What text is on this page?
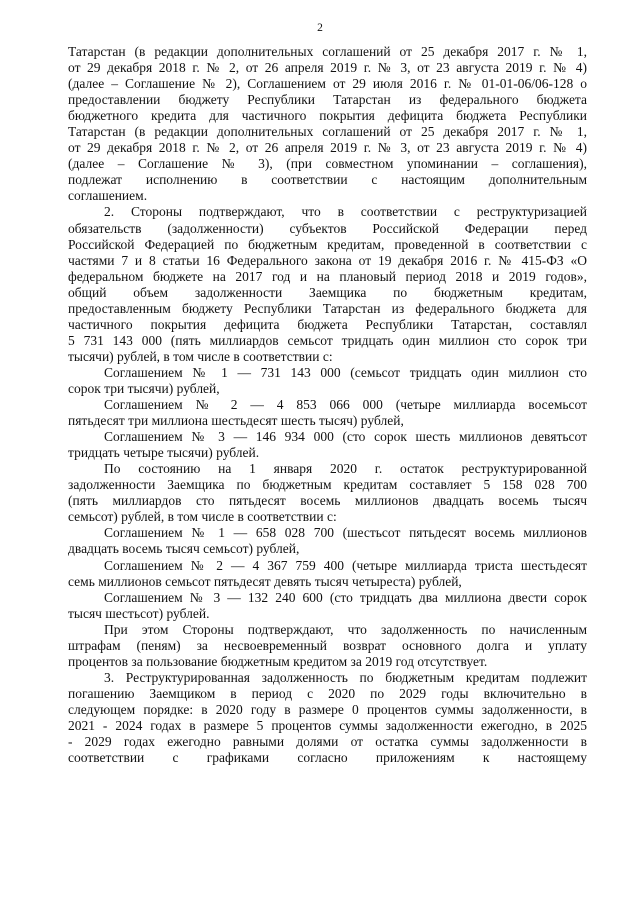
2
Татарстан (в редакции дополнительных соглашений от 25 декабря 2017 г. № 1,
от 29 декабря 2018 г. № 2, от 26 апреля 2019 г. № 3, от 23 августа 2019 г. № 4)
(далее – Соглашение № 2), Соглашением от 29 июля 2016 г. № 01-01-06/06-128 о
предоставлении бюджету Республики Татарстан из федерального бюджета
бюджетного кредита для частичного покрытия дефицита бюджета Республики
Татарстан (в редакции дополнительных соглашений от 25 декабря 2017 г. № 1,
от 29 декабря 2018 г. № 2, от 26 апреля 2019 г. № 3, от 23 августа 2019 г. № 4)
(далее – Соглашение № 3), (при совместном упоминании – соглашения),
подлежат исполнению в соответствии с настоящим дополнительным
соглашением.
2. Стороны подтверждают, что в соответствии с реструктуризацией
обязательств (задолженности) субъектов Российской Федерации перед
Российской Федерацией по бюджетным кредитам, проведенной в соответствии с
частями 7 и 8 статьи 16 Федерального закона от 19 декабря 2016 г. № 415-ФЗ «О
федеральном бюджете на 2017 год и на плановый период 2018 и 2019 годов»,
общий объем задолженности Заемщика по бюджетным кредитам,
предоставленным бюджету Республики Татарстан из федерального бюджета для
частичного покрытия дефицита бюджета Республики Татарстан, составлял
5 731 143 000 (пять миллиардов семьсот тридцать один миллион сто сорок три
тысячи) рублей, в том числе в соответствии с:
Соглашением № 1 — 731 143 000 (семьсот тридцать один миллион сто
сорок три тысячи) рублей,
Соглашением № 2 — 4 853 066 000 (четыре миллиарда восемьсот
пятьдесят три миллиона шестьдесят шесть тысяч) рублей,
Соглашением № 3 — 146 934 000 (сто сорок шесть миллионов девятьсот
тридцать четыре тысячи) рублей.
По состоянию на 1 января 2020 г. остаток реструктурированной
задолженности Заемщика по бюджетным кредитам составляет 5 158 028 700
(пять миллиардов сто пятьдесят восемь миллионов двадцать восемь тысяч
семьсот) рублей, в том числе в соответствии с:
Соглашением № 1 — 658 028 700 (шестьсот пятьдесят восемь миллионов
двадцать восемь тысяч семьсот) рублей,
Соглашением № 2 — 4 367 759 400 (четыре миллиарда триста шестьдесят
семь миллионов семьсот пятьдесят девять тысяч четыреста) рублей,
Соглашением № 3 — 132 240 600 (сто тридцать два миллиона двести сорок
тысяч шестьсот) рублей.
При этом Стороны подтверждают, что задолженность по начисленным
штрафам (пеням) за несвоевременный возврат основного долга и уплату
процентов за пользование бюджетным кредитом за 2019 год отсутствует.
3. Реструктурированная задолженность по бюджетным кредитам подлежит
погашению Заемщиком в период с 2020 по 2029 годы включительно в
следующем порядке: в 2020 году в размере 0 процентов суммы задолженности, в
2021 - 2024 годах в размере 5 процентов суммы задолженности ежегодно, в 2025
- 2029 годах ежегодно равными долями от остатка суммы задолженности в
соответствии с графиками согласно приложениям к настоящему
